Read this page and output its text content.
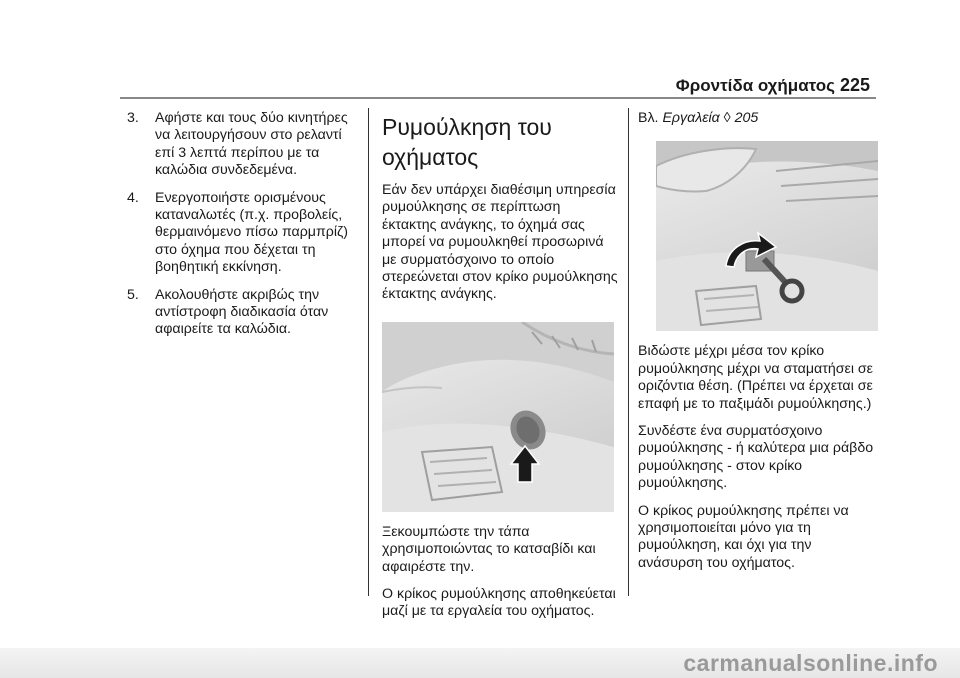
Φροντίδα οχήματος 225
3.	Αφήστε και τους δύο κινητήρες να λειτουργήσουν στο ρελαντί επί 3 λεπτά περίπου με τα καλώδια συνδεδεμένα.
4.	Ενεργοποιήστε ορισμένους καταναλωτές (π.χ. προβολείς, θερμαινόμενο πίσω παρμπρίζ) στο όχημα που δέχεται τη βοηθητική εκκίνηση.
5.	Ακολουθήστε ακριβώς την αντίστροφη διαδικασία όταν αφαιρείτε τα καλώδια.
Ρυμούλκηση του οχήματος

Εάν δεν υπάρχει διαθέσιμη υπηρεσία ρυμούλκησης σε περίπτωση έκτακτης ανάγκης, το όχημά σας μπορεί να ρυμουλκηθεί προσωρινά με συρματόσχοινο το οποίο στερεώνεται στον κρίκο ρυμούλκησης έκτακτης ανάγκης.

Ξεκουμπώστε την τάπα χρησιμοποιώντας το κατσαβίδι και αφαιρέστε την.

Ο κρίκος ρυμούλκησης αποθηκεύεται μαζί με τα εργαλεία του οχήματος.

Βλ. Εργαλεία ◊ 205

Βιδώστε μέχρι μέσα τον κρίκο ρυμούλκησης μέχρι να σταματήσει σε οριζόντια θέση. (Πρέπει να έρχεται σε επαφή με το παξιμάδι ρυμούλκησης.)

Συνδέστε ένα συρματόσχοινο ρυμούλκησης - ή καλύτερα μια ράβδο ρυμούλκησης - στον κρίκο ρυμούλκησης.

Ο κρίκος ρυμούλκησης πρέπει να χρησιμοποιείται μόνο για τη ρυμούλκηση, και όχι για την ανάσυρση του οχήματος.

carmanualsonline.info
